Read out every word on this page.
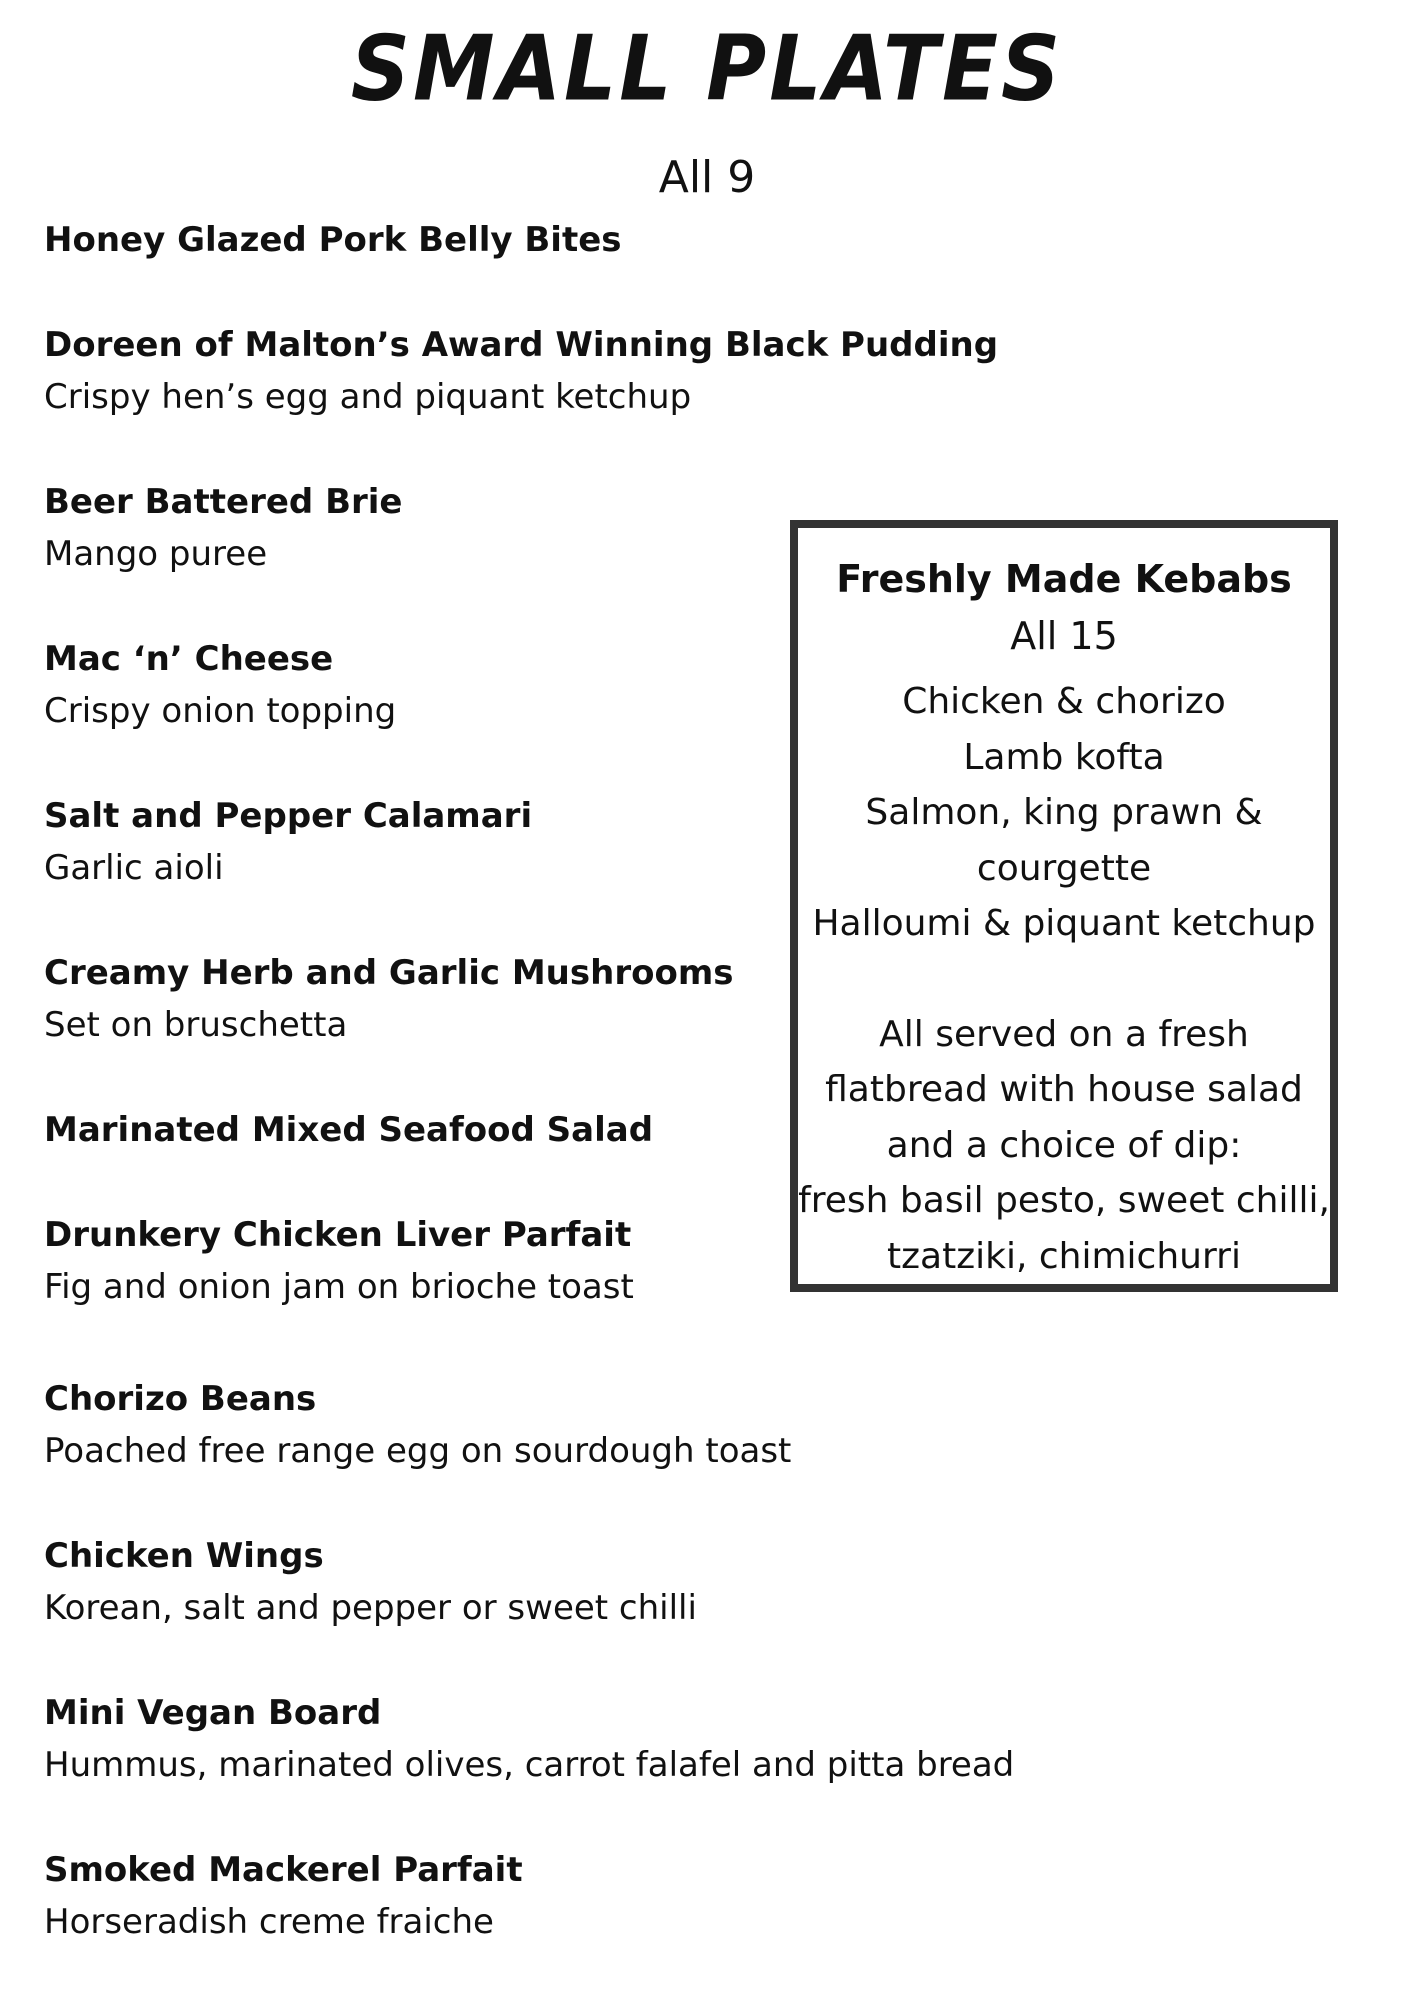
SMALL PLATES
All 9
Honey Glazed Pork Belly Bites
Doreen of Malton’s Award Winning Black Pudding
Crispy hen’s egg and piquant ketchup
Beer Battered Brie
Mango puree
Mac ‘n’ Cheese
Crispy onion topping
Salt and Pepper Calamari
Garlic aioli
Creamy Herb and Garlic Mushrooms
Set on bruschetta
Marinated Mixed Seafood Salad
Drunkery Chicken Liver Parfait
Fig and onion jam on brioche toast
Chorizo Beans
Poached free range egg on sourdough toast
Chicken Wings
Korean, salt and pepper or sweet chilli
Mini Vegan Board
Hummus, marinated olives, carrot falafel and pitta bread
Smoked Mackerel Parfait
Horseradish creme fraiche
Freshly Made Kebabs
All 15
Chicken & chorizo
Lamb kofta
Salmon, king prawn &
courgette
Halloumi & piquant ketchup
All served on a fresh
flatbread with house salad
and a choice of dip:
fresh basil pesto, sweet chilli,
tzatziki, chimichurri
